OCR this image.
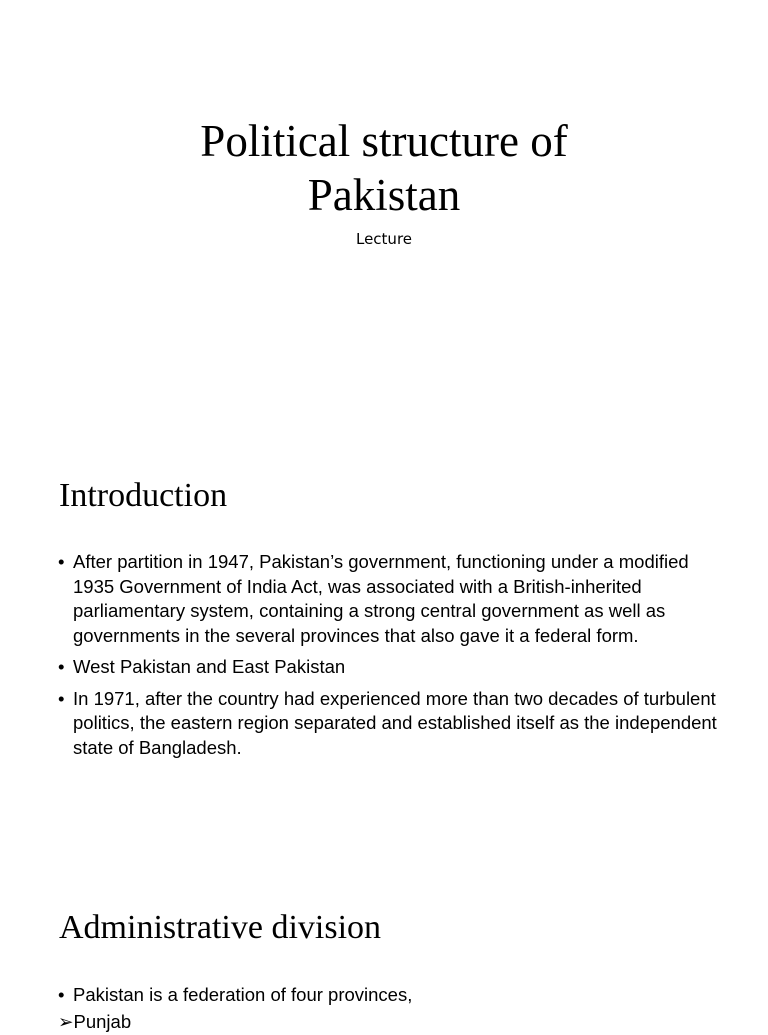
Political structure of
Pakistan
Lecture
Introduction
• After partition in 1947, Pakistan’s government, functioning under a modified 1935 Government of India Act, was associated with a British-inherited parliamentary system, containing a strong central government as well as governments in the several provinces that also gave it a federal form.
• West Pakistan and East Pakistan
• In 1971, after the country had experienced more than two decades of turbulent politics, the eastern region separated and established itself as the independent state of Bangladesh.
Administrative division
• Pakistan is a federation of four provinces,
➢Punjab
